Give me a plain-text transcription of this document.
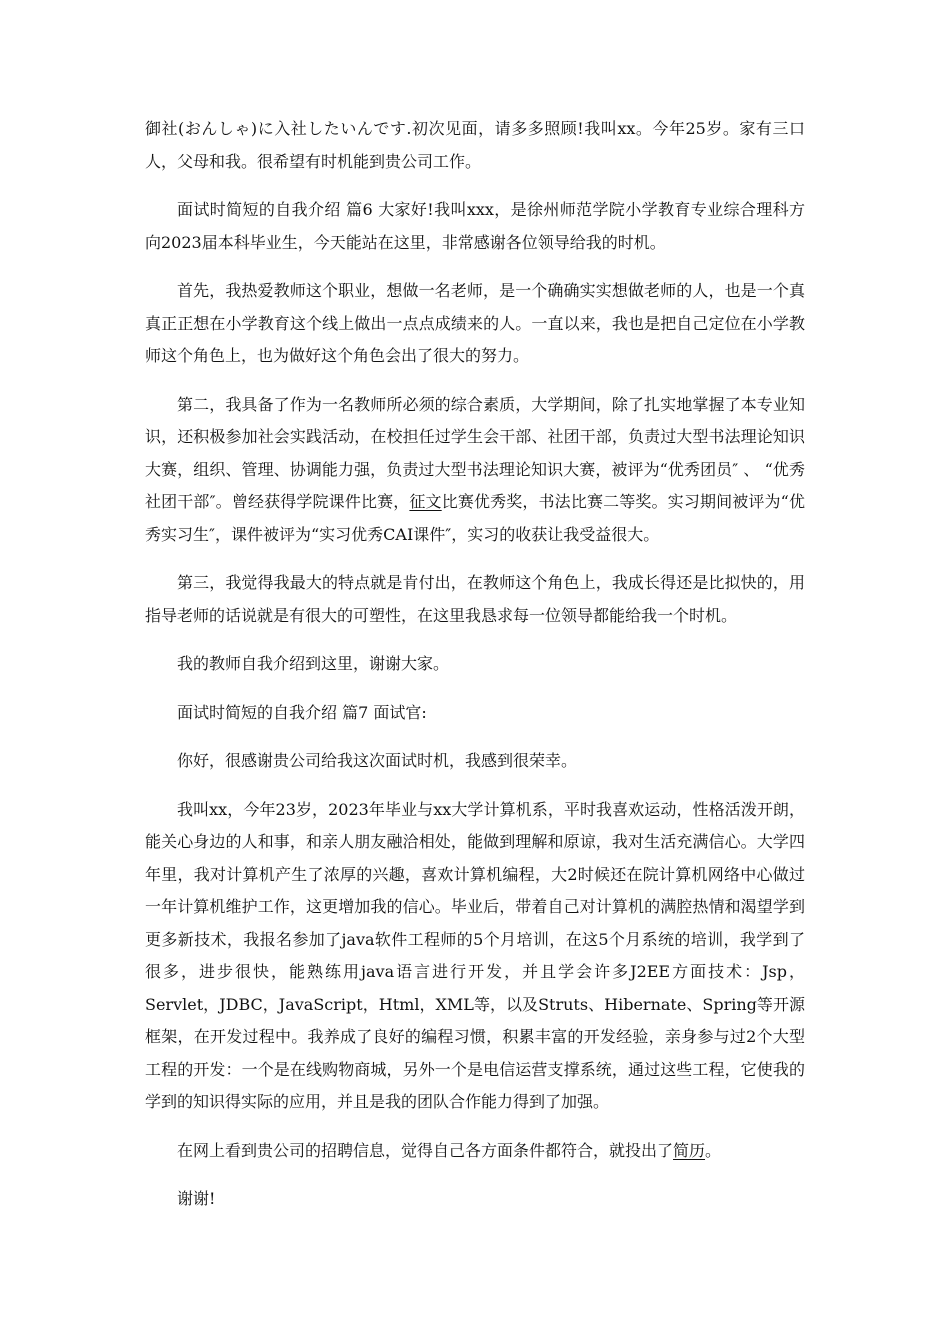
御社(おんしゃ)に入社したいんです.初次见面，请多多照顾!我叫xx。今年25岁。家有三口人，父母和我。很希望有时机能到贵公司工作。

面试时简短的自我介绍 篇6 大家好!我叫xxx，是徐州师范学院小学教育专业综合理科方向2023届本科毕业生，今天能站在这里，非常感谢各位领导给我的时机。

首先，我热爱教师这个职业，想做一名老师，是一个确确实实想做老师的人，也是一个真真正正想在小学教育这个线上做出一点点成绩来的人。一直以来，我也是把自己定位在小学教师这个角色上，也为做好这个角色会出了很大的努力。

第二，我具备了作为一名教师所必须的综合素质，大学期间，除了扎实地掌握了本专业知识，还积极参加社会实践活动，在校担任过学生会干部、社团干部，负责过大型书法理论知识大赛，组织、管理、协调能力强，负责过大型书法理论知识大赛，被评为“优秀团员″ 、 “优秀社团干部″。曾经获得学院课件比赛，征文比赛优秀奖，书法比赛二等奖。实习期间被评为“优秀实习生″，课件被评为“实习优秀CAI课件″，实习的收获让我受益很大。

第三，我觉得我最大的特点就是肯付出，在教师这个角色上，我成长得还是比拟快的，用指导老师的话说就是有很大的可塑性，在这里我恳求每一位领导都能给我一个时机。

我的教师自我介绍到这里，谢谢大家。

面试时简短的自我介绍 篇7 面试官:

你好，很感谢贵公司给我这次面试时机，我感到很荣幸。

我叫xx，今年23岁，2023年毕业与xx大学计算机系，平时我喜欢运动，性格活泼开朗，能关心身边的人和事，和亲人朋友融洽相处，能做到理解和原谅，我对生活充满信心。大学四年里，我对计算机产生了浓厚的兴趣，喜欢计算机编程，大2时候还在院计算机网络中心做过一年计算机维护工作，这更增加我的信心。毕业后，带着自己对计算机的满腔热情和渴望学到更多新技术，我报名参加了java软件工程师的5个月培训，在这5个月系统的培训，我学到了很多，进步很快，能熟练用java语言进行开发，并且学会许多J2EE方面技术：Jsp，Servlet，JDBC，JavaScript，Html，XML等，以及Struts、Hibernate、Spring等开源框架，在开发过程中。我养成了良好的编程习惯，积累丰富的开发经验，亲身参与过2个大型工程的开发：一个是在线购物商城，另外一个是电信运营支撑系统，通过这些工程，它使我的学到的知识得实际的应用，并且是我的团队合作能力得到了加强。

在网上看到贵公司的招聘信息，觉得自己各方面条件都符合，就投出了简历。

谢谢!
